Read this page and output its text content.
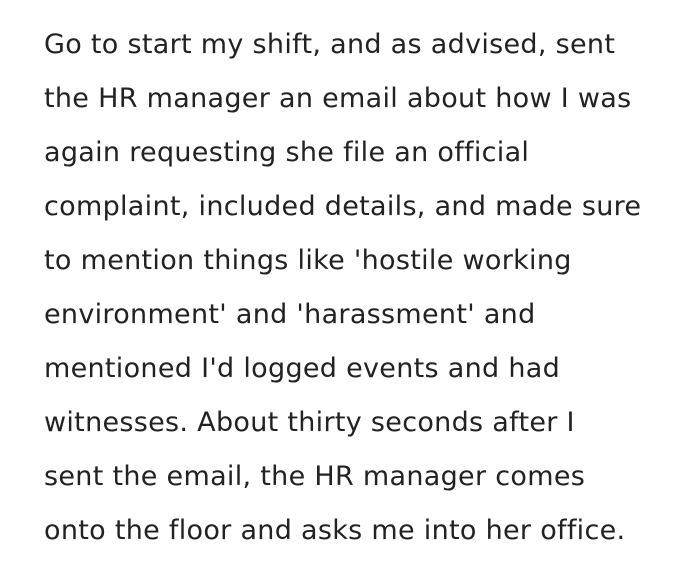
Go to start my shift, and as advised, sent
the HR manager an email about how I was
again requesting she file an official
complaint, included details, and made sure
to mention things like 'hostile working
environment' and 'harassment' and
mentioned I'd logged events and had
witnesses. About thirty seconds after I
sent the email, the HR manager comes
onto the floor and asks me into her office.
